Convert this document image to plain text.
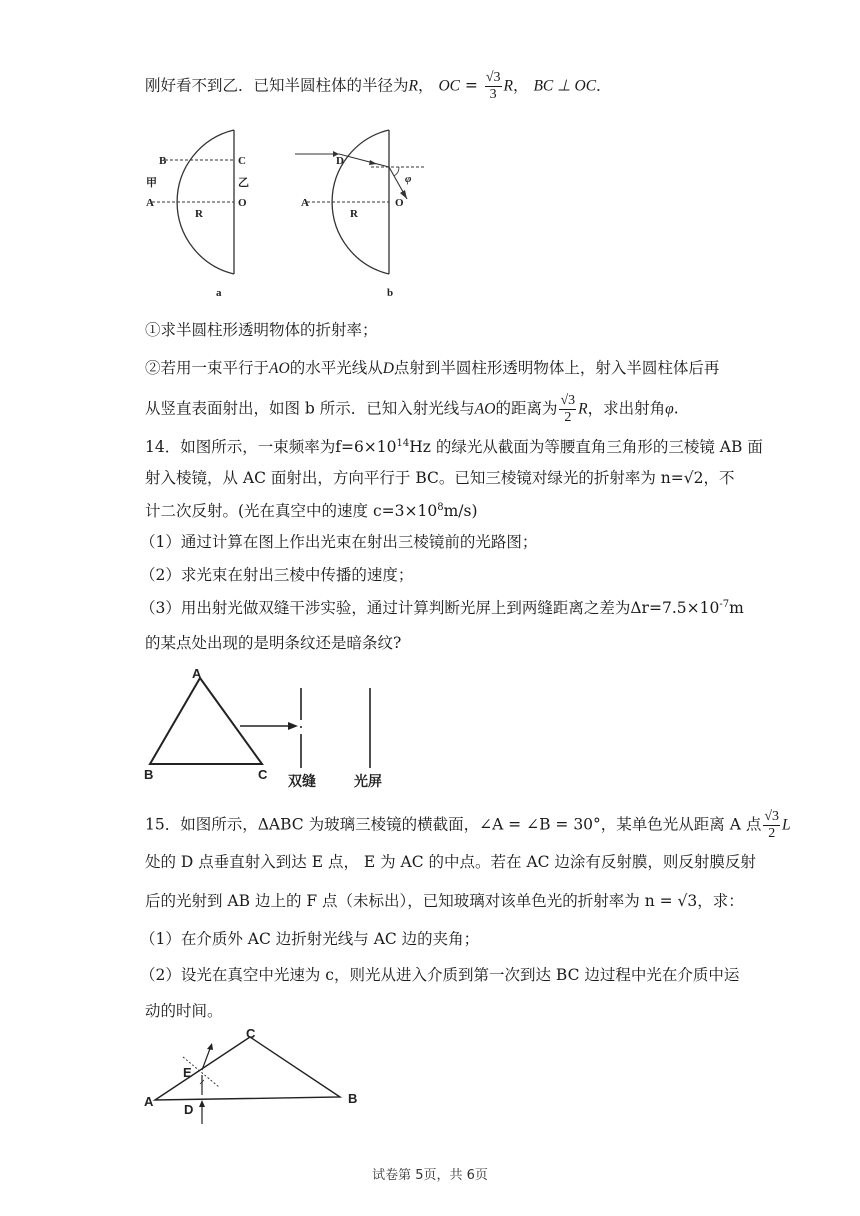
刚好看不到乙．已知半圆柱体的半径为R， OC = $\frac{√3}{3}$ R， BC ⊥ OC．
B	C
甲	乙
A
R
O
a
D
A
R
O
φ
b
①求半圆柱形透明物体的折射率；
②若用一束平行于AO的水平光线从D点射到半圆柱形透明物体上，射入半圆柱体后再
从竖直表面射出，如图 b 所示．已知入射光线与AO的距离为 $\frac{√3}{2}$ R，求出射角φ.
14．如图所示，一束频率为$f=6\times 10^{14}Hz$ 的绿光从截面为等腰直角三角形的三棱镜 AB 面
射入棱镜，从 AC 面射出，方向平行于 BC。已知三棱镜对绿光的折射率为 n=√2，不
计二次反射。(光在真空中的速度 $c=3\times 10^8m/s$)
（1）通过计算在图上作出光束在射出三棱镜前的光路图；
（2）求光束在射出三棱中传播的速度；
（3）用出射光做双缝干涉实验，通过计算判断光屏上到两缝距离之差为$\Delta r=7.5\times 10^{-7}m$
的某点处出现的是明条纹还是暗条纹?
A
B	C 双缝	光屏
15．如图所示，ΔABC 为玻璃三棱镜的横截面，∠A = ∠B = 30°，某单色光从距离 A 点 $\frac{√3}{2}$ L
处的 D 点垂直射入到达 E 点， E 为 AC 的中点。若在 AC 边涂有反射膜，则反射膜反射
后的光射到 AB 边上的 F 点（未标出），已知玻璃对该单色光的折射率为 n = √3，求：
（1）在介质外 AC 边折射光线与 AC 边的夹角；
（2）设光在真空中光速为 c，则光从进入介质到第一次到达 BC 边过程中光在介质中运
动的时间。
A
C
B
D
E
试卷第 5页，共 6页
